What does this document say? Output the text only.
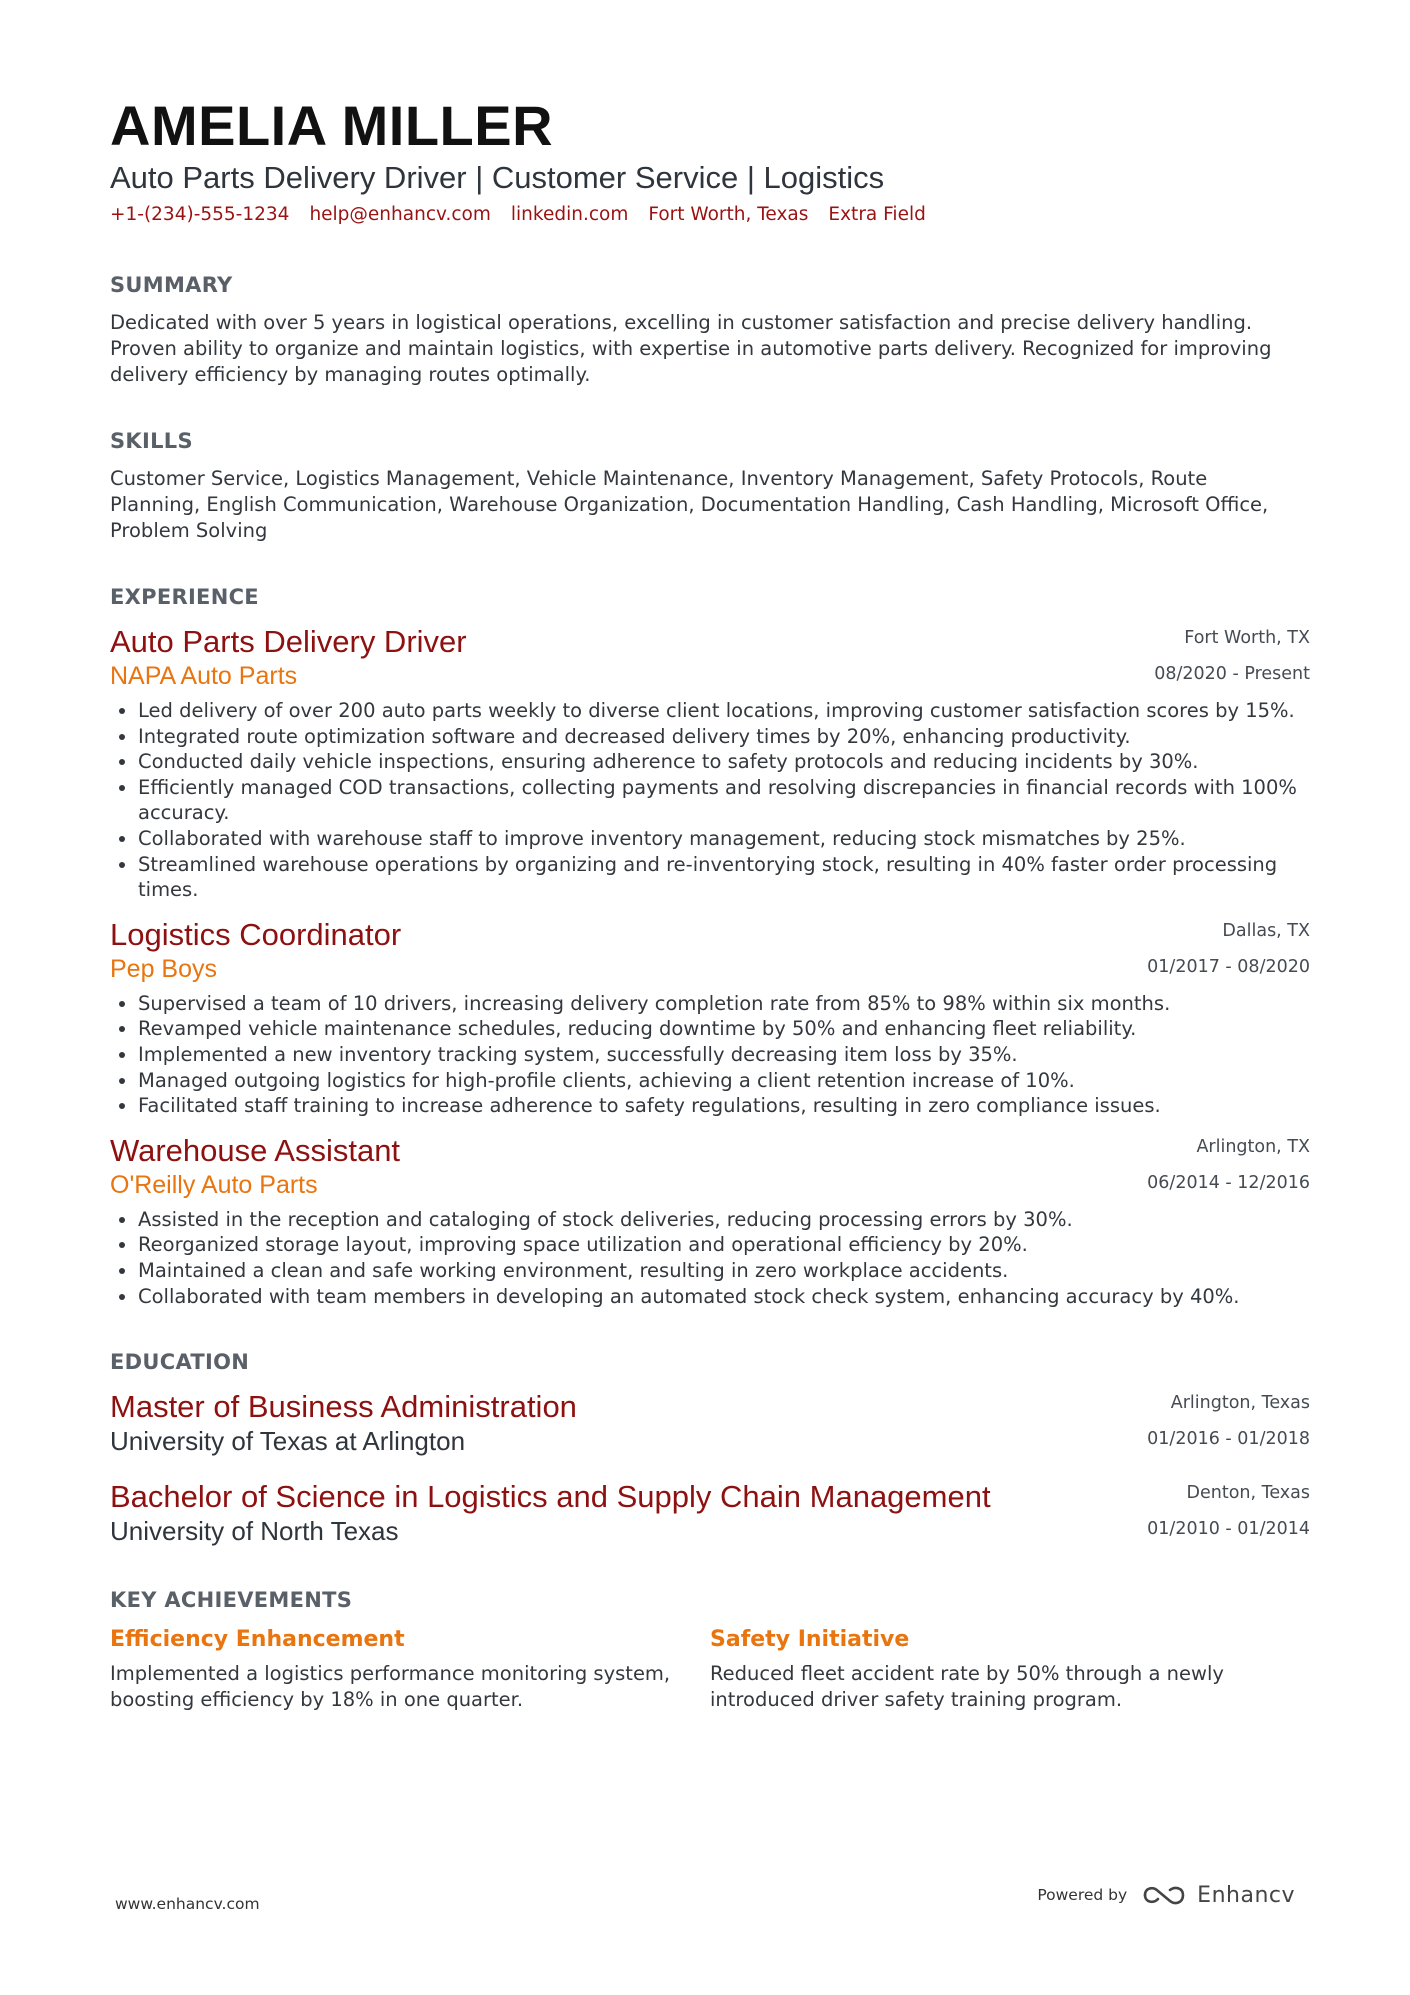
AMELIA MILLER
Auto Parts Delivery Driver | Customer Service | Logistics
+1-(234)-555-1234 help@enhancv.com linkedin.com Fort Worth, Texas Extra Field
SUMMARY
Dedicated with over 5 years in logistical operations, excelling in customer satisfaction and precise delivery handling. Proven ability to organize and maintain logistics, with expertise in automotive parts delivery. Recognized for improving delivery efficiency by managing routes optimally.
SKILLS
Customer Service, Logistics Management, Vehicle Maintenance, Inventory Management, Safety Protocols, Route Planning, English Communication, Warehouse Organization, Documentation Handling, Cash Handling, Microsoft Office, Problem Solving
EXPERIENCE
Auto Parts Delivery Driver
NAPA Auto Parts
Fort Worth, TX
08/2020 - Present
• Led delivery of over 200 auto parts weekly to diverse client locations, improving customer satisfaction scores by 15%.
• Integrated route optimization software and decreased delivery times by 20%, enhancing productivity.
• Conducted daily vehicle inspections, ensuring adherence to safety protocols and reducing incidents by 30%.
• Efficiently managed COD transactions, collecting payments and resolving discrepancies in financial records with 100% accuracy.
• Collaborated with warehouse staff to improve inventory management, reducing stock mismatches by 25%.
• Streamlined warehouse operations by organizing and re-inventorying stock, resulting in 40% faster order processing times.
Logistics Coordinator
Pep Boys
Dallas, TX
01/2017 - 08/2020
• Supervised a team of 10 drivers, increasing delivery completion rate from 85% to 98% within six months.
• Revamped vehicle maintenance schedules, reducing downtime by 50% and enhancing fleet reliability.
• Implemented a new inventory tracking system, successfully decreasing item loss by 35%.
• Managed outgoing logistics for high-profile clients, achieving a client retention increase of 10%.
• Facilitated staff training to increase adherence to safety regulations, resulting in zero compliance issues.
Warehouse Assistant
O'Reilly Auto Parts
Arlington, TX
06/2014 - 12/2016
• Assisted in the reception and cataloging of stock deliveries, reducing processing errors by 30%.
• Reorganized storage layout, improving space utilization and operational efficiency by 20%.
• Maintained a clean and safe working environment, resulting in zero workplace accidents.
• Collaborated with team members in developing an automated stock check system, enhancing accuracy by 40%.
EDUCATION
Master of Business Administration
University of Texas at Arlington
Arlington, Texas
01/2016 - 01/2018
Bachelor of Science in Logistics and Supply Chain Management
University of North Texas
Denton, Texas
01/2010 - 01/2014
KEY ACHIEVEMENTS
Efficiency Enhancement
Implemented a logistics performance monitoring system, boosting efficiency by 18% in one quarter.
Safety Initiative
Reduced fleet accident rate by 50% through a newly introduced driver safety training program.
www.enhancv.com	Powered by	Enhancv
